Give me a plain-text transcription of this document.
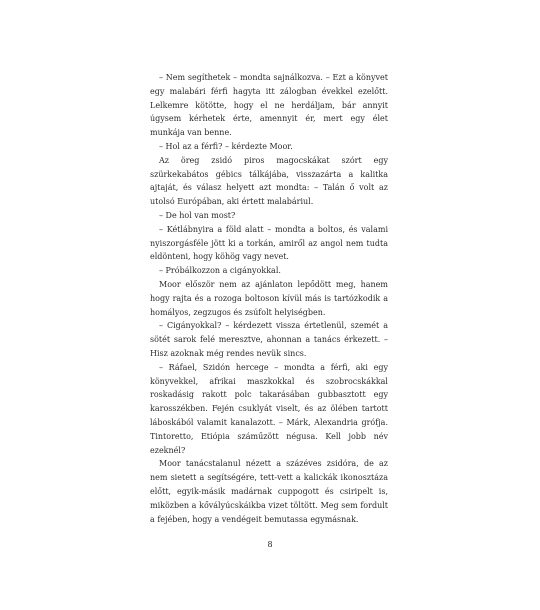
– Nem segíthetek – mondta sajnálkozva. – Ezt a könyvet egy malabári férfi hagyta itt zálogban évekkel ezelőtt. Lelkemre kötötte, hogy el ne herdáljam, bár annyit úgysem kérhetek érte, amennyit ér, mert egy élet munkája van benne.

– Hol az a férfi? – kérdezte Moor.

Az öreg zsidó piros magocskákat szórt egy szürkekabátos gébics tálkájába, visszazárta a kalitka ajtaját, és válasz helyett azt mondta: – Talán ő volt az utolsó Európában, aki értett malabáriul.

– De hol van most?

– Kétlábnyira a föld alatt – mondta a boltos, és valami nyiszorgásféle jött ki a torkán, amiről az angol nem tudta eldönteni, hogy köhög vagy nevet.

– Próbálkozzon a cigányokkal.

Moor először nem az ajánlaton lepődött meg, hanem hogy rajta és a rozoga boltoson kívül más is tartózkodik a homályos, zegzugos és zsúfolt helyiségben.

– Cigányokkal? – kérdezett vissza értetlenül, szemét a sötét sarok felé meresztve, ahonnan a tanács érkezett. – Hisz azoknak még rendes nevük sincs.

– Ráfael, Szidón hercege – mondta a férfi, aki egy könyvekkel, afrikai maszkokkal és szobrocskákkal roskadásig rakott polc takarásában gubbasztott egy karosszékben. Fején csuklyát viselt, és az ölében tartott láboskából valamit kanalazott. – Márk, Alexandria grófja. Tintoretto, Etiópia száműzött négusa. Kell jobb név ezeknél?

Moor tanácstalanul nézett a százéves zsidóra, de az nem sietett a segítségére, tett-vett a kalickák ikonosztáza előtt, egyik-másik madárnak cuppogott és csiripelt is, miközben a kővályúcskáikba vizet töltött. Meg sem fordult a fejében, hogy a vendégeit bemutassa egymásnak.

8
